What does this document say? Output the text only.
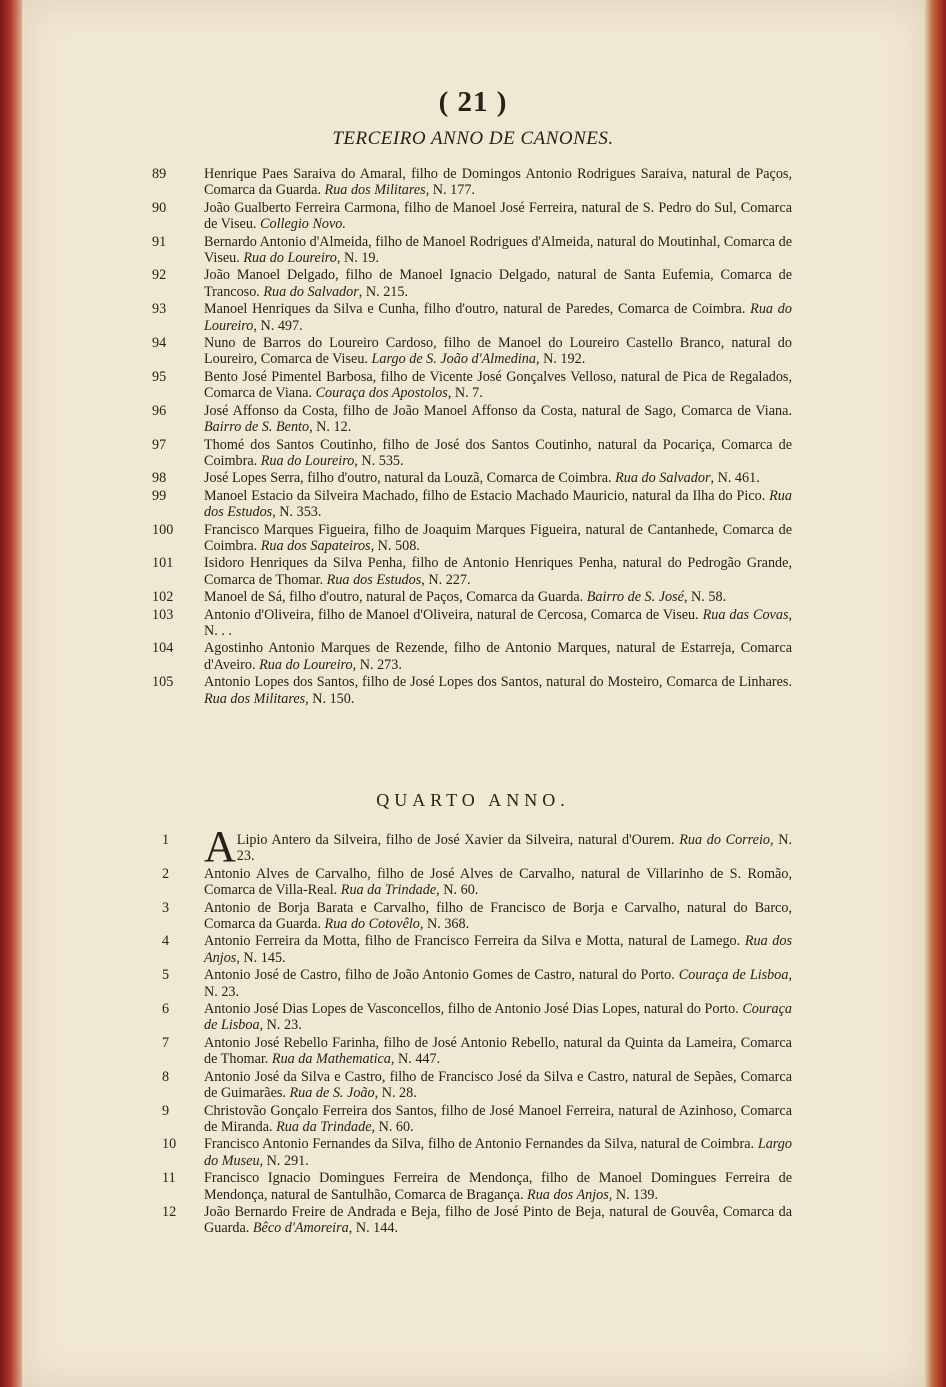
( 21 )
TERCEIRO ANNO DE CANONES.
89	Henrique Paes Saraiva do Amaral, filho de Domingos Antonio Rodrigues Saraiva, natural de Paços, Comarca da Guarda. Rua dos Militares, N. 177.
90	João Gualberto Ferreira Carmona, filho de Manoel José Ferreira, natural de S. Pedro do Sul, Comarca de Viseu. Collegio Novo.
91	Bernardo Antonio d'Almeida, filho de Manoel Rodrigues d'Almeida, natural do Moutinhal, Comarca de Viseu. Rua do Loureiro, N. 19.
92	João Manoel Delgado, filho de Manoel Ignacio Delgado, natural de Santa Eufemia, Comarca de Trancoso. Rua do Salvador, N. 215.
93	Manoel Henriques da Silva e Cunha, filho d'outro, natural de Paredes, Comarca de Coimbra. Rua do Loureiro, N. 497.
94	Nuno de Barros do Loureiro Cardoso, filho de Manoel do Loureiro Castello Branco, natural do Loureiro, Comarca de Viseu. Largo de S. João d'Almedina, N. 192.
95	Bento José Pimentel Barbosa, filho de Vicente José Gonçalves Velloso, natural de Pica de Regalados, Comarca de Viana. Couraça dos Apostolos, N. 7.
96	José Affonso da Costa, filho de João Manoel Affonso da Costa, natural de Sago, Comarca de Viana. Bairro de S. Bento, N. 12.
97	Thomé dos Santos Coutinho, filho de José dos Santos Coutinho, natural da Pocariça, Comarca de Coimbra. Rua do Loureiro, N. 535.
98	José Lopes Serra, filho d'outro, natural da Louzã, Comarca de Coimbra. Rua do Salvador, N. 461.
99	Manoel Estacio da Silveira Machado, filho de Estacio Machado Mauricio, natural da Ilha do Pico. Rua dos Estudos, N. 353.
100	Francisco Marques Figueira, filho de Joaquim Marques Figueira, natural de Cantanhede, Comarca de Coimbra. Rua dos Sapateiros, N. 508.
101	Isidoro Henriques da Silva Penha, filho de Antonio Henriques Penha, natural do Pedrogão Grande, Comarca de Thomar. Rua dos Estudos, N. 227.
102	Manoel de Sá, filho d'outro, natural de Paços, Comarca da Guarda. Bairro de S. José, N. 58.
103	Antonio d'Oliveira, filho de Manoel d'Oliveira, natural de Cercosa, Comarca de Viseu. Rua das Covas, N. . .
104	Agostinho Antonio Marques de Rezende, filho de Antonio Marques, natural de Estarreja, Comarca d'Aveiro. Rua do Loureiro, N. 273.
105	Antonio Lopes dos Santos, filho de José Lopes dos Santos, natural do Mosteiro, Comarca de Linhares. Rua dos Militares, N. 150.
QUARTO ANNO.
1 A Lipio Antero da Silveira, filho de José Xavier da Silveira, natural d'Ourem. Rua do Correio, N. 23.
2	Antonio Alves de Carvalho, filho de José Alves de Carvalho, natural de Villarinho de S. Romão, Comarca de Villa-Real. Rua da Trindade, N. 60.
3	Antonio de Borja Barata e Carvalho, filho de Francisco de Borja e Carvalho, natural do Barco, Comarca da Guarda. Rua do Cotovêlo, N. 368.
4	Antonio Ferreira da Motta, filho de Francisco Ferreira da Silva e Motta, natural de Lamego. Rua dos Anjos, N. 145.
5	Antonio José de Castro, filho de João Antonio Gomes de Castro, natural do Porto. Couraça de Lisboa, N. 23.
6	Antonio José Dias Lopes de Vasconcellos, filho de Antonio José Dias Lopes, natural do Porto. Couraça de Lisboa, N. 23.
7	Antonio José Rebello Farinha, filho de José Antonio Rebello, natural da Quinta da Lameira, Comarca de Thomar. Rua da Mathematica, N. 447.
8	Antonio José da Silva e Castro, filho de Francisco José da Silva e Castro, natural de Sepães, Comarca de Guimarães. Rua de S. João, N. 28.
9	Christovão Gonçalo Ferreira dos Santos, filho de José Manoel Ferreira, natural de Azinhoso, Comarca de Miranda. Rua da Trindade, N. 60.
10	Francisco Antonio Fernandes da Silva, filho de Antonio Fernandes da Silva, natural de Coimbra. Largo do Museu, N. 291.
11	Francisco Ignacio Domingues Ferreira de Mendonça, filho de Manoel Domingues Ferreira de Mendonça, natural de Santulhão, Comarca de Bragança. Rua dos Anjos, N. 139.
12	João Bernardo Freire de Andrada e Beja, filho de José Pinto de Beja, natural de Gouvêa, Comarca da Guarda. Bêco d'Amoreira, N. 144.
